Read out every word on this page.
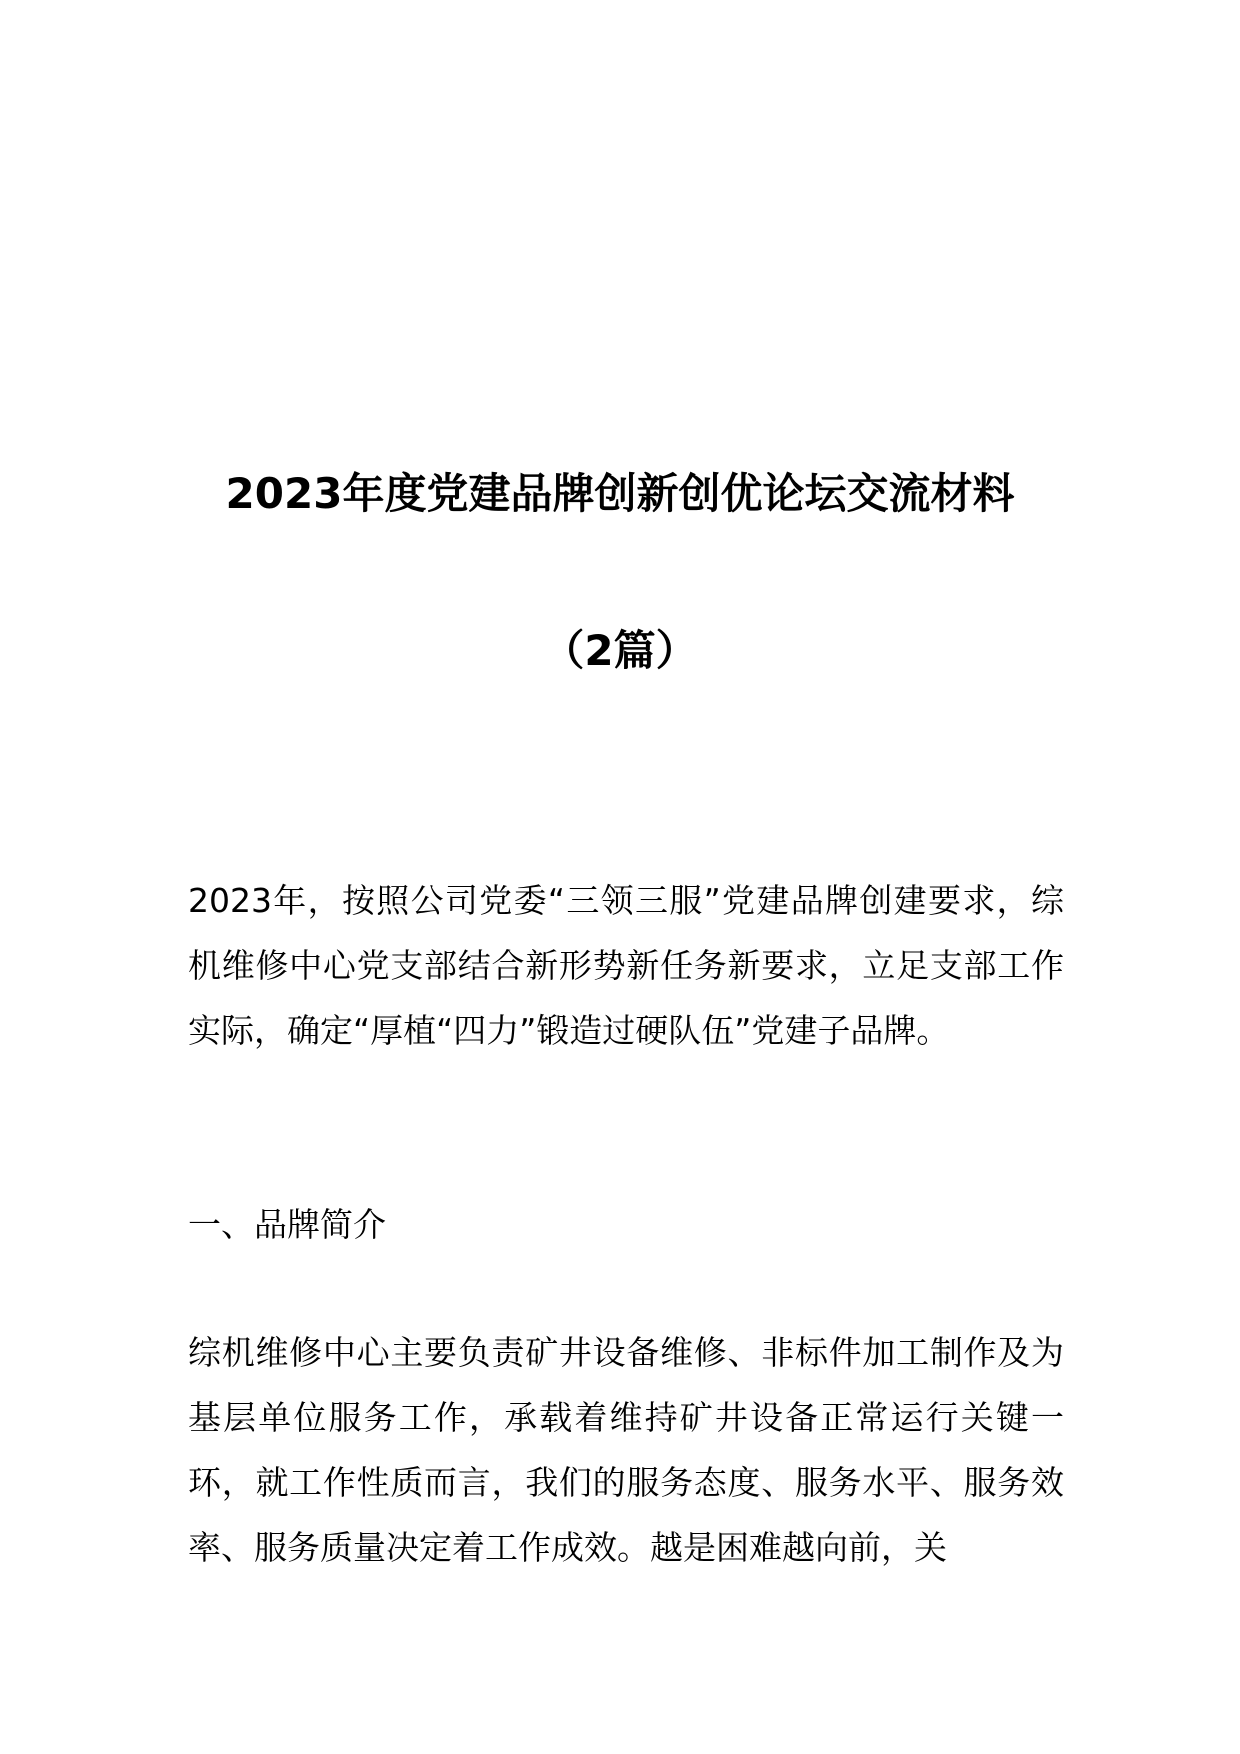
2023年度党建品牌创新创优论坛交流材料
（2篇）

2023年，按照公司党委“三领三服”党建品牌创建要求，综机维修中心党支部结合新形势新任务新要求，立足支部工作实际，确定“厚植“四力”锻造过硬队伍”党建子品牌。

一、品牌简介

综机维修中心主要负责矿井设备维修、非标件加工制作及为基层单位服务工作，承载着维持矿井设备正常运行关键一环，就工作性质而言，我们的服务态度、服务水平、服务效率、服务质量决定着工作成效。越是困难越向前，关
